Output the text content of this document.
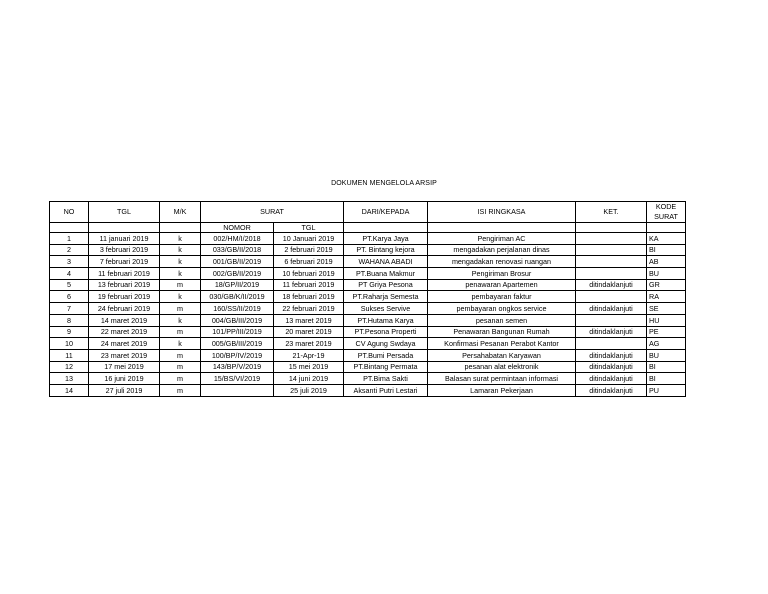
DOKUMEN MENGELOLA ARSIP
NO	TGL	M/K	SURAT		DARI/KEPADA	ISI RINGKASA	KET.	KODE
SURAT
			NOMOR	TGL				
1	11 januari 2019	k	002/HM/I/2018	10 Januari 2019	PT.Karya Jaya	Pengiriman AC		KA
2	3 februari 2019	k	033/GB/II/2018	2 februari 2019	PT. Bintang kejora	mengadakan perjalanan dinas		BI
3	7 februari 2019	k	001/GB/II/2019	6 februari 2019	WAHANA ABADI	mengadakan renovasi ruangan		AB
4	11 februari 2019	k	002/GB/II/2019	10 februari 2019	PT.Buana Makmur	Pengiriman Brosur		BU
5	13 februari 2019	m	18/GP/II/2019	11 februari 2019	PT Griya Pesona	penawaran Apartemen	ditindaklanjuti	GR
6	19 februari 2019	k	030/GB/K/II/2019	18 februari 2019	PT.Raharja Semesta	pembayaran faktur		RA
7	24 februari 2019	m	160/SS/II/2019	22 februari 2019	Sukses Servive	pembayaran ongkos service	ditindaklanjuti	SE
8	14 maret 2019	k	004/GB/III/2019	13 maret 2019	PT.Hutama Karya	pesanan semen		HU
9	22 maret 2019	m	101/PP/III/2019	20 maret 2019	PT.Pesona Properti	Penawaran Bangunan Rumah	ditindaklanjuti	PE
10	24 maret 2019	k	005/GB/III/2019	23 maret 2019	CV Agung Swdaya	Konfirmasi Pesanan Perabot Kantor		AG
11	23 maret 2019	m	100/BP/IV/2019	21-Apr-19	PT.Bumi Persada	Persahabatan Karyawan	ditindaklanjuti	BU
12	17 mei 2019	m	143/BP/V/2019	15 mei 2019	PT.Bintang Permata	pesanan alat elektronik	ditindaklanjuti	BI
13	16 juni 2019	m	15/BS/VI/2019	14 juni 2019	PT.Bima Sakti	Balasan surat permintaan informasi	ditindaklanjuti	BI
14	27 juli 2019	m		25 juli 2019	Aksanti Putri Lestari	Lamaran Pekerjaan	ditindaklanjuti	PU
